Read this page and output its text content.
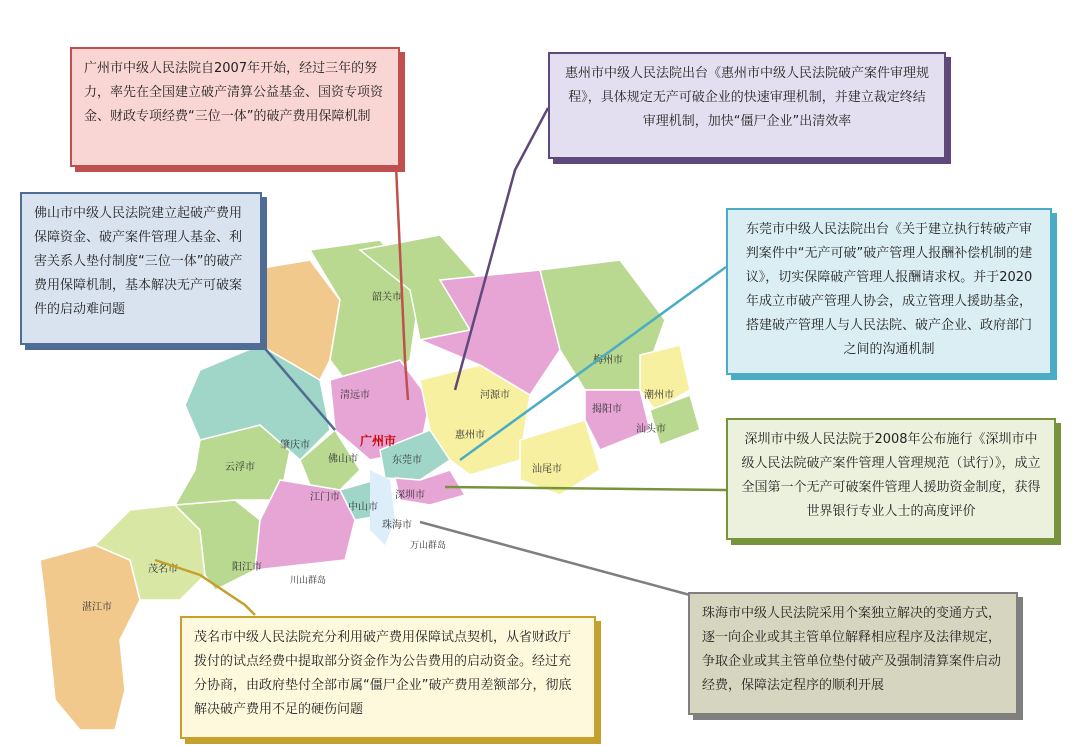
广州市
深圳市
东莞市
惠州市
佛山市
肇庆市
江门市
中山市
珠海市
云浮市
阳江市
茂名市
湛江市
清远市
韶关市
河源市
梅州市
潮州市
揭阳市
汕头市
汕尾市
万山群岛
川山群岛
广州市中级人民法院自2007年开始，经过三年的努力，率先在全国建立破产清算公益基金、国资专项资金、财政专项经费“三位一体”的破产费用保障机制
惠州市中级人民法院出台《惠州市中级人民法院破产案件审理规程》，具体规定无产可破企业的快速审理机制，并建立裁定终结审理机制，加快“僵尸企业”出清效率
佛山市中级人民法院建立起破产费用保障资金、破产案件管理人基金、利害关系人垫付制度“三位一体”的破产费用保障机制，基本解决无产可破案件的启动难问题
东莞市中级人民法院出台《关于建立执行转破产审判案件中“无产可破”破产管理人报酬补偿机制的建议》，切实保障破产管理人报酬请求权。并于2020年成立市破产管理人协会，成立管理人援助基金，搭建破产管理人与人民法院、破产企业、政府部门之间的沟通机制
深圳市中级人民法院于2008年公布施行《深圳市中级人民法院破产案件管理人管理规范（试行）》，成立全国第一个无产可破案件管理人援助资金制度，获得世界银行专业人士的高度评价
珠海市中级人民法院采用个案独立解决的变通方式，逐一向企业或其主管单位解释相应程序及法律规定，争取企业或其主管单位垫付破产及强制清算案件启动经费，保障法定程序的顺利开展
茂名市中级人民法院充分利用破产费用保障试点契机，从省财政厅拨付的试点经费中提取部分资金作为公告费用的启动资金。经过充分协商，由政府垫付全部市属“僵尸企业”破产费用差额部分，彻底解决破产费用不足的硬伤问题
